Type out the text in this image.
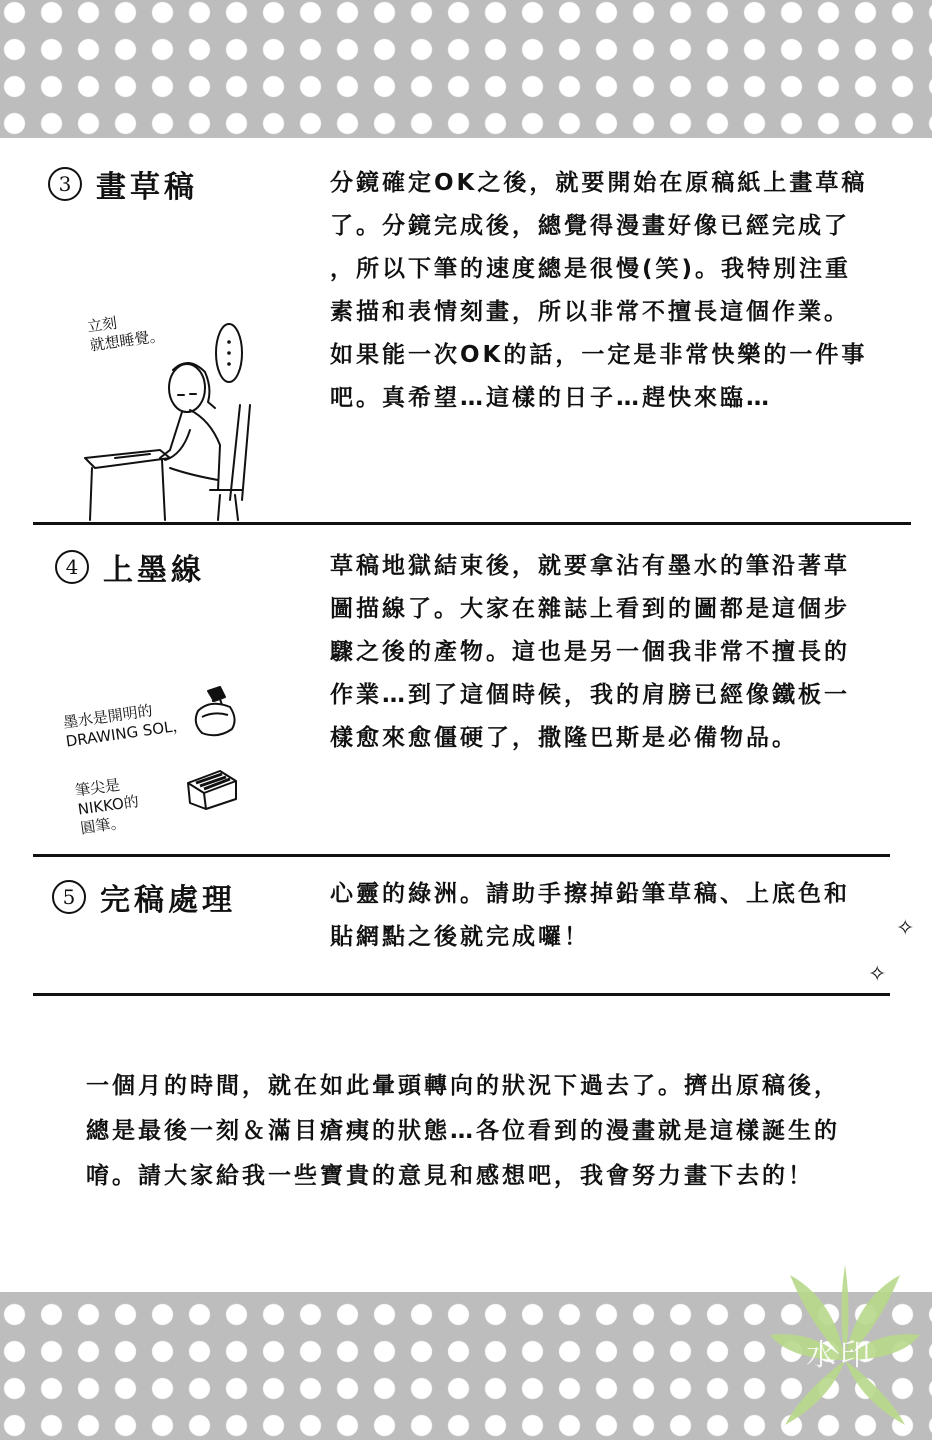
3 畫草稿	分鏡確定OK之後，就要開始在原稿紙上畫草稿
了。分鏡完成後，總覺得漫畫好像已經完成了
，所以下筆的速度總是很慢(笑)。我特別注重
素描和表情刻畫，所以非常不擅長這個作業。
如果能一次OK的話，一定是非常快樂的一件事
吧。真希望…這樣的日子…趕快來臨…
立刻
就想睡覺。
4 上墨線	草稿地獄結束後，就要拿沾有墨水的筆沿著草
圖描線了。大家在雜誌上看到的圖都是這個步
驟之後的產物。這也是另一個我非常不擅長的
作業…到了這個時候，我的肩膀已經像鐵板一
樣愈來愈僵硬了，撒隆巴斯是必備物品。
墨水是開明的
DRAWING SOL，
筆尖是
NIKKO的
圓筆。
5 完稿處理	心靈的綠洲。請助手擦掉鉛筆草稿、上底色和
貼網點之後就完成囉！	✧
✧
一個月的時間，就在如此暈頭轉向的狀況下過去了。擠出原稿後，
總是最後一刻＆滿目瘡痍的狀態…各位看到的漫畫就是這樣誕生的
唷。請大家給我一些寶貴的意見和感想吧，我會努力畫下去的！
水印
